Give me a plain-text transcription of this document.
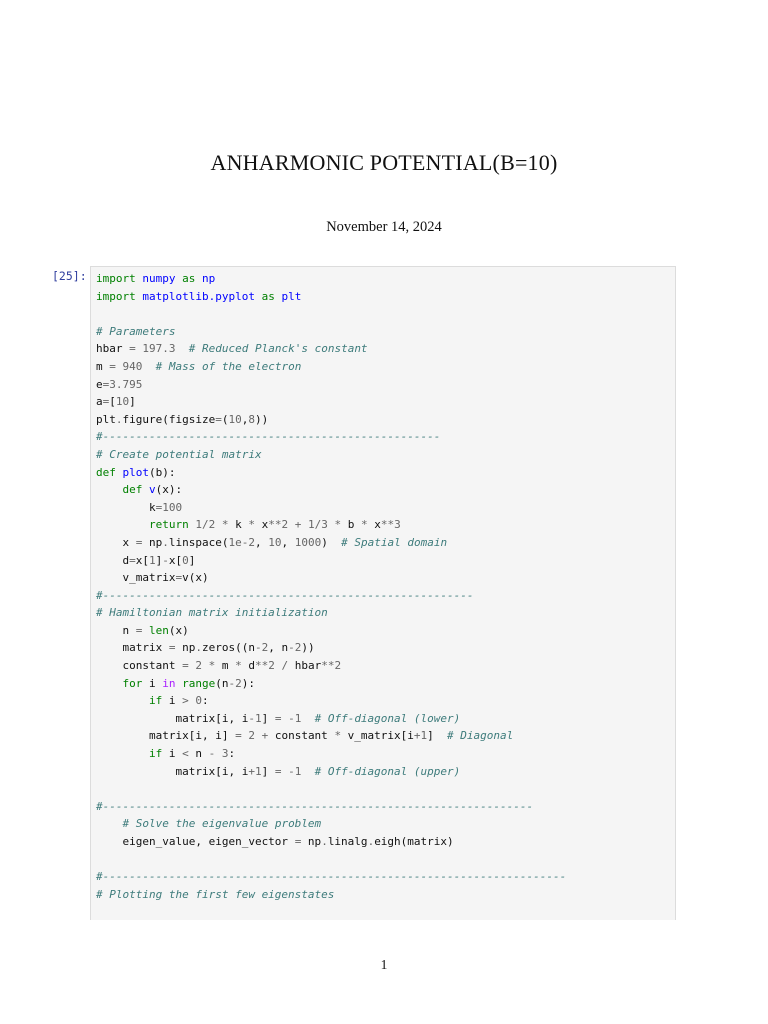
ANHARMONIC POTENTIAL(B=10)
November 14, 2024
[25]: import numpy as np
import matplotlib.pyplot as plt

# Parameters
hbar = 197.3 # Reduced Planck's constant
m = 940 # Mass of the electron
e=3.795
a=[10]
plt.figure(figsize=(10,8))
#---------------------------------------------------
# Create potential matrix
def plot(b):
def v(x):
k=100
return 1/2 * k * x**2 + 1/3 * b * x**3
x = np.linspace(1e-2, 10, 1000)  # Spatial domain
d=x[1]-x[0]
v_matrix=v(x)
#--------------------------------------------------------
# Hamiltonian matrix initialization
n = len(x)
matrix = np.zeros((n-2, n-2))
constant = 2 * m * d**2 / hbar**2
for i in range(n-2):
if i > 0:
matrix[i, i-1] = -1 # Off-diagonal (lower)
matrix[i, i] = 2 + constant * v_matrix[i+1]  # Diagonal
if i < n - 3:
matrix[i, i+1] = -1 # Off-diagonal (upper)

#-----------------------------------------------------------------
# Solve the eigenvalue problem
eigen_value, eigen_vector = np.linalg.eigh(matrix)

#----------------------------------------------------------------------
# Plotting the first few eigenstates
1
